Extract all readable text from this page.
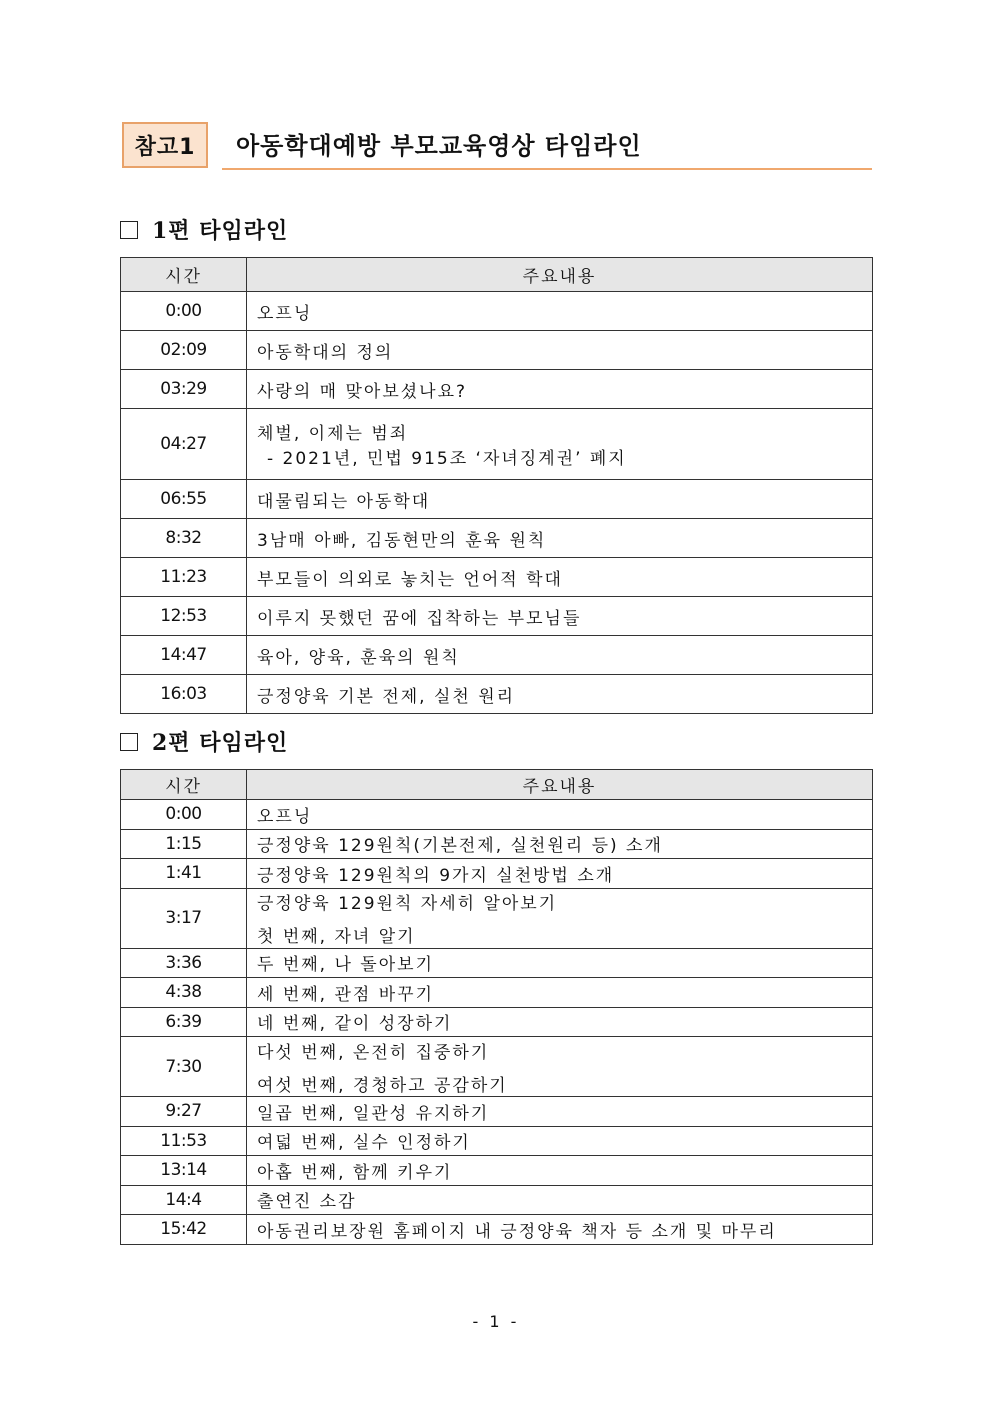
참고1	아동학대예방 부모교육영상 타임라인
1편 타임라인
시간	주요내용
0:00	오프닝
02:09	아동학대의 정의
03:29	사랑의 매 맞아보셨나요?
04:27	체벌, 이제는 범죄
- 2021년, 민법 915조 ‘자녀징계권’ 폐지

06:55	대물림되는 아동학대
8:32	3남매 아빠, 김동현만의 훈육 원칙
11:23	부모들이 의외로 놓치는 언어적 학대
12:53	이루지 못했던 꿈에 집착하는 부모님들
14:47	육아, 양육, 훈육의 원칙
16:03	긍정양육 기본 전제, 실천 원리
2편 타임라인
시간	주요내용
0:00	오프닝
1:15	긍정양육 129원칙(기본전제, 실천원리 등) 소개
1:41	긍정양육 129원칙의 9가지 실천방법 소개
3:17	긍정양육 129원칙 자세히 알아보기
첫 번째, 자녀 알기

3:36	두 번째, 나 돌아보기
4:38	세 번째, 관점 바꾸기
6:39	네 번째, 같이 성장하기
7:30	다섯 번째, 온전히 집중하기
여섯 번째, 경청하고 공감하기

9:27	일곱 번째, 일관성 유지하기
11:53	여덟 번째, 실수 인정하기
13:14	아홉 번째, 함께 키우기
14:4	출연진 소감
15:42	아동권리보장원 홈페이지 내 긍정양육 책자 등 소개 및 마무리
- 1 -
